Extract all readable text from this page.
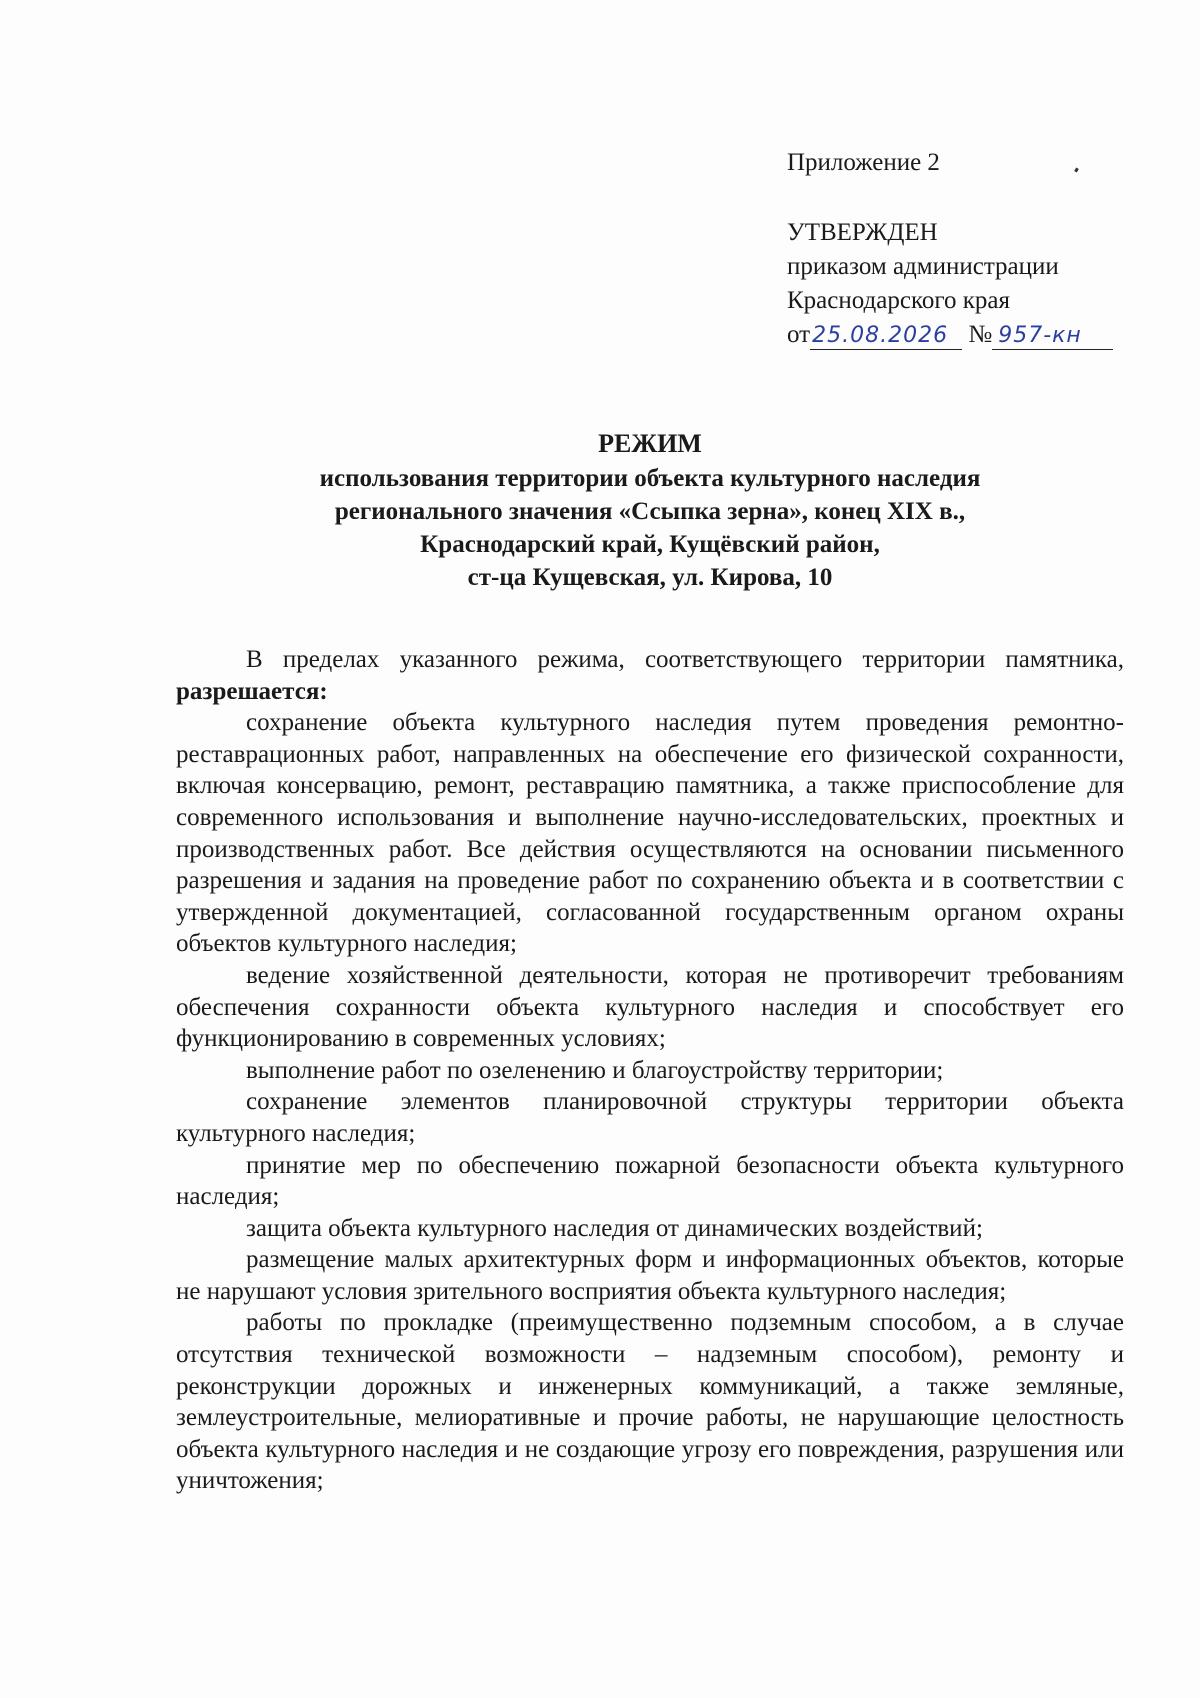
Приложение 2

УТВЕРЖДЕН

приказом администрации

Краснодарского края

от25.08.2026 № 957-кн

РЕЖИМ
использования территории объекта культурного наследия
регионального значения «Ссыпка зерна», конец XIX в.,
Краснодарский край, Кущёвский район,
ст-ца Кущевская, ул. Кирова, 10

В пределах указанного режима, соответствующего территории памятника, разрешается:

сохранение объекта культурного наследия путем проведения ремонтно-реставрационных работ, направленных на обеспечение его физической сохранности, включая консервацию, ремонт, реставрацию памятника, а также приспособление для современного использования и выполнение научно-исследовательских, проектных и производственных работ. Все действия осуществляются на основании письменного разрешения и задания на проведение работ по сохранению объекта и в соответствии с утвержденной документацией, согласованной государственным органом охраны объектов культурного наследия;

ведение хозяйственной деятельности, которая не противоречит требованиям обеспечения сохранности объекта культурного наследия и способствует его функционированию в современных условиях;

выполнение работ по озеленению и благоустройству территории;

сохранение элементов планировочной структуры территории объекта культурного наследия;

принятие мер по обеспечению пожарной безопасности объекта культурного наследия;

защита объекта культурного наследия от динамических воздействий;

размещение малых архитектурных форм и информационных объектов, которые не нарушают условия зрительного восприятия объекта культурного наследия;

работы по прокладке (преимущественно подземным способом, а в случае отсутствия технической возможности – надземным способом), ремонту и реконструкции дорожных и инженерных коммуникаций, а также земляные, землеустроительные, мелиоративные и прочие работы, не нарушающие целостность объекта культурного наследия и не создающие угрозу его повреждения, разрушения или уничтожения;
